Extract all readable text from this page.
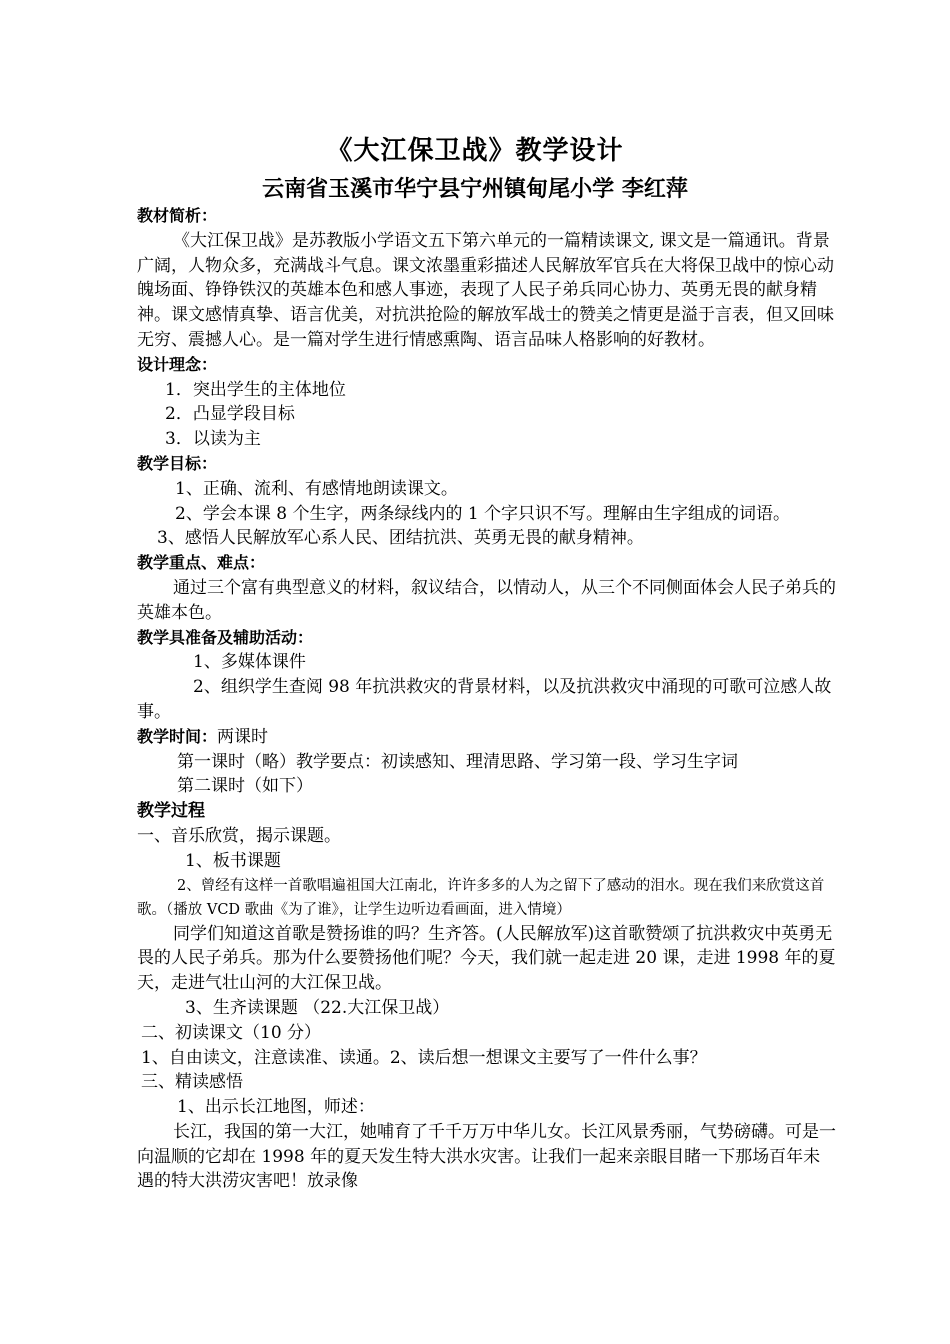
《大江保卫战》教学设计
云南省玉溪市华宁县宁州镇甸尾小学 李红萍

教材简析：

《大江保卫战》是苏教版小学语文五下第六单元的一篇精读课文, 课文是一篇通讯。背景广阔，人物众多，充满战斗气息。课文浓墨重彩描述人民解放军官兵在大将保卫战中的惊心动魄场面、铮铮铁汉的英雄本色和感人事迹，表现了人民子弟兵同心协力、英勇无畏的献身精神。课文感情真挚、语言优美，对抗洪抢险的解放军战士的赞美之情更是溢于言表，但又回味无穷、震撼人心。是一篇对学生进行情感熏陶、语言品味人格影响的好教材。

设计理念：

1．突出学生的主体地位

2．凸显学段目标

3．以读为主

教学目标：

1、正确、流利、有感情地朗读课文。

2、学会本课 8 个生字，两条绿线内的 1 个字只识不写。理解由生字组成的词语。

3、感悟人民解放军心系人民、团结抗洪、英勇无畏的献身精神。

教学重点、难点：

通过三个富有典型意义的材料，叙议结合，以情动人，从三个不同侧面体会人民子弟兵的英雄本色。

教学具准备及辅助活动：

1、多媒体课件

2、组织学生查阅 98 年抗洪救灾的背景材料，以及抗洪救灾中涌现的可歌可泣感人故事。

教学时间：两课时

第一课时（略）教学要点：初读感知、理清思路、学习第一段、学习生字词

第二课时（如下）

教学过程

一、音乐欣赏，揭示课题。

1、板书课题

2、曾经有这样一首歌唱遍祖国大江南北，许许多多的人为之留下了感动的泪水。现在我们来欣赏这首歌。（播放 VCD 歌曲《为了谁》，让学生边听边看画面，进入情境）

同学们知道这首歌是赞扬谁的吗？生齐答。(人民解放军)这首歌赞颂了抗洪救灾中英勇无畏的人民子弟兵。那为什么要赞扬他们呢？今天，我们就一起走进 20 课，走进 1998 年的夏天，走进气壮山河的大江保卫战。

3、生齐读课题 （22.大江保卫战）

二、初读课文（10 分）

1、自由读文，注意读准、读通。2、读后想一想课文主要写了一件什么事？

三、精读感悟

1、出示长江地图，师述：

长江，我国的第一大江，她哺育了千千万万中华儿女。长江风景秀丽，气势磅礴。可是一向温顺的它却在 1998 年的夏天发生特大洪水灾害。让我们一起来亲眼目睹一下那场百年未遇的特大洪涝灾害吧！放录像
